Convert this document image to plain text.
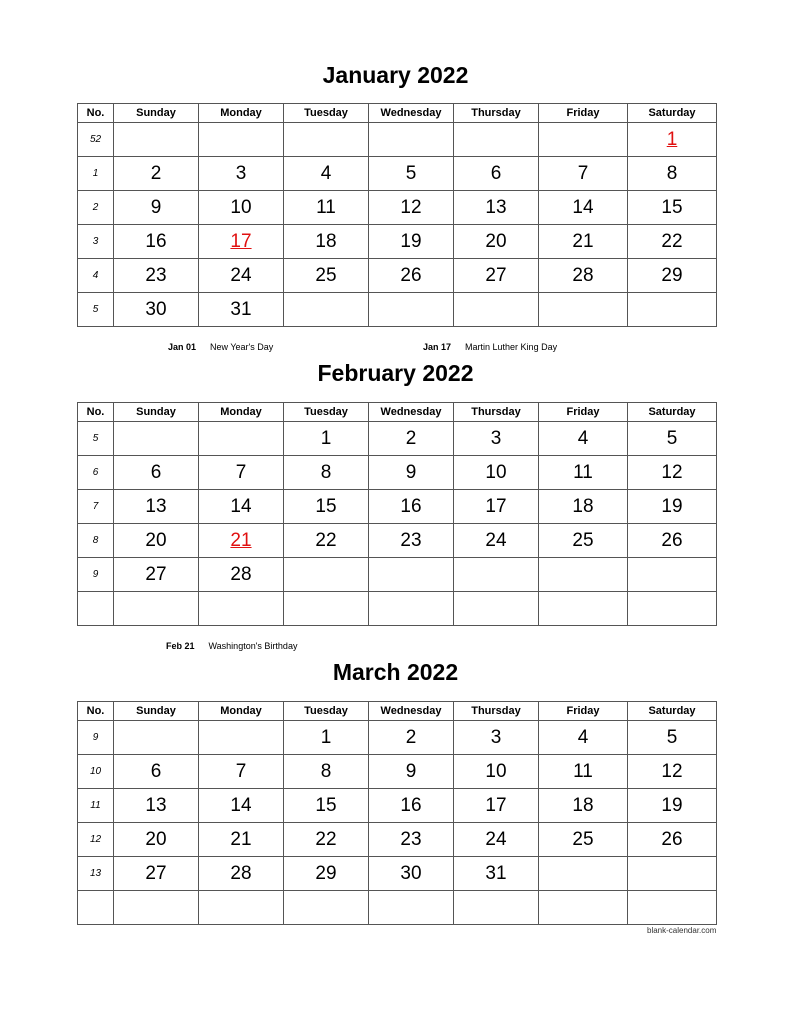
January 2022
No.	Sunday	Monday	Tuesday	Wednesday	Thursday	Friday	Saturday
52							1
1	2	3	4	5	6	7	8
2	9	10	11	12	13	14	15
3	16	17	18	19	20	21	22
4	23	24	25	26	27	28	29
5	30	31					
Jan 01 New Year's Day	Jan 17 Martin Luther King Day
February 2022
No.	Sunday	Monday	Tuesday	Wednesday	Thursday	Friday	Saturday
5			1	2	3	4	5
6	6	7	8	9	10	11	12
7	13	14	15	16	17	18	19
8	20	21	22	23	24	25	26
9	27	28					

Feb 21 Washington's Birthday
March 2022
No.	Sunday	Monday	Tuesday	Wednesday	Thursday	Friday	Saturday
9			1	2	3	4	5
10	6	7	8	9	10	11	12
11	13	14	15	16	17	18	19
12	20	21	22	23	24	25	26
13	27	28	29	30	31		

blank-calendar.com
